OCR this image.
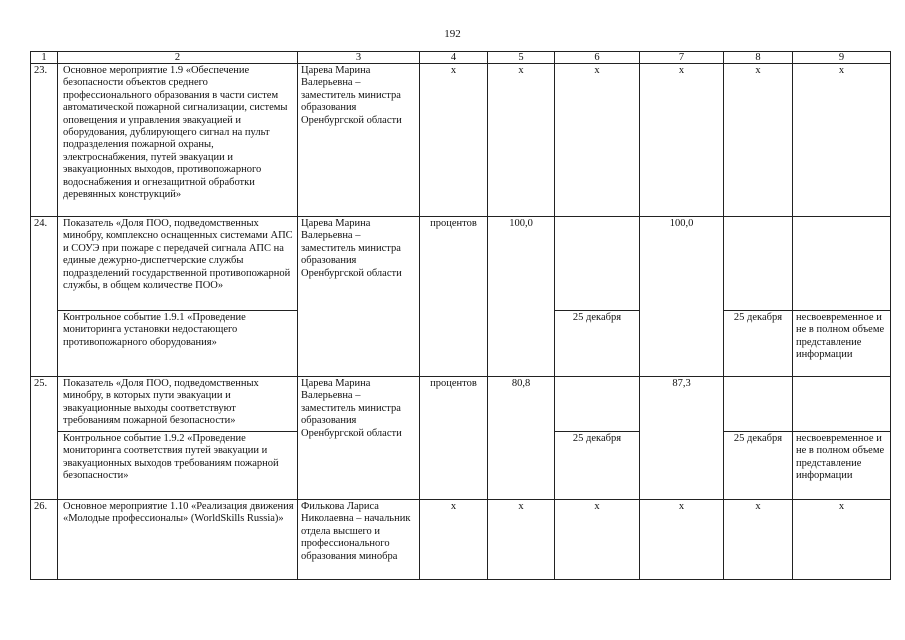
192
1	2	3	4	5	6	7	8	9
23.	Основное мероприятие 1.9 «Обеспечение безопасности объектов среднего профессионального образования в части систем автоматической пожарной сигнализации, системы оповещения и управления эвакуацией и оборудования, дублирующего сигнал на пульт подразделения пожарной охраны, электроснабжения, путей эвакуации и эвакуационных выходов, противопожарного водоснабжения и огнезащитной обработки деревянных конструкций»	Царева Марина Валерьевна – заместитель министра образования Оренбургской области	х	х	х	х	х	х
24.	Показатель «Доля ПОО, подведомственных минобру, комплексно оснащенных системами АПС и СОУЭ при пожаре с передачей сигнала АПС на единые дежурно-диспетчерские службы подразделений государственной противопожарной службы, в общем количестве ПОО»	Царева Марина Валерьевна – заместитель министра образования Оренбургской области	процентов	100,0		100,0		
	Контрольное событие 1.9.1 «Проведение мониторинга установки недостающего противопожарного оборудования»				25 декабря		25 декабря	несвоевременное и не в полном объеме представление информации
25.	Показатель «Доля ПОО, подведомственных минобру, в которых пути эвакуации и эвакуационные выходы соответствуют требованиям пожарной безопасности»	Царева Марина Валерьевна – заместитель министра образования Оренбургской области	процентов	80,8		87,3		
	Контрольное событие 1.9.2 «Проведение мониторинга соответствия путей эвакуации и эвакуационных выходов требованиям пожарной безопасности»				25 декабря		25 декабря	несвоевременное и не в полном объеме представление информации
26.	Основное мероприятие 1.10 «Реализация движения «Молодые профессионалы» (WorldSkills Russia)»	Филькова Лариса Николаевна – начальник отдела высшего и профессионального образования минобра	х	х	х	х	х	х
